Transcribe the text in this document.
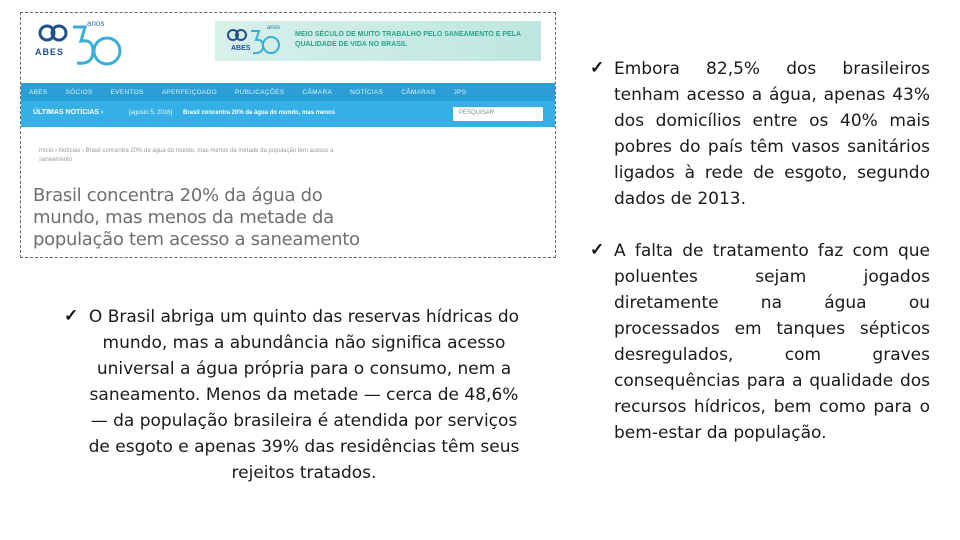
anos
ABES
anos
ABES
MEIO SÉCULO DE MUITO TRABALHO PELO SANEAMENTO E PELA QUALIDADE DE VIDA NO BRASIL
ABES	SÓCIOS	EVENTOS	APERFEIÇOADO	PUBLICAÇÕES	CÂMARA	NOTÍCIAS	CÂMARAS	JPS
ÚLTIMAS NOTÍCIAS ›	[agosto 5, 2016] Brasil concentra 20% da água do mundo, mas menos	PESQUISAR
Início › Notícias › Brasil concentra 20% da água do mundo, mas menos da metade da população tem acesso a saneamento
Brasil concentra 20% da água do mundo, mas menos da metade da população tem acesso a saneamento
✓ O Brasil abriga um quinto das reservas hídricas do mundo, mas a abundância não significa acesso universal a água própria para o consumo, nem a saneamento. Menos da metade — cerca de 48,6% — da população brasileira é atendida por serviços de esgoto e apenas 39% das residências têm seus rejeitos tratados.
✓ Embora 82,5% dos brasileiros tenham acesso a água, apenas 43% dos domicílios entre os 40% mais pobres do país têm vasos sanitários ligados à rede de esgoto, segundo dados de 2013.
✓ A falta de tratamento faz com que poluentes sejam jogados diretamente na água ou processados em tanques sépticos desregulados, com graves consequências para a qualidade dos recursos hídricos, bem como para o bem-estar da população.
